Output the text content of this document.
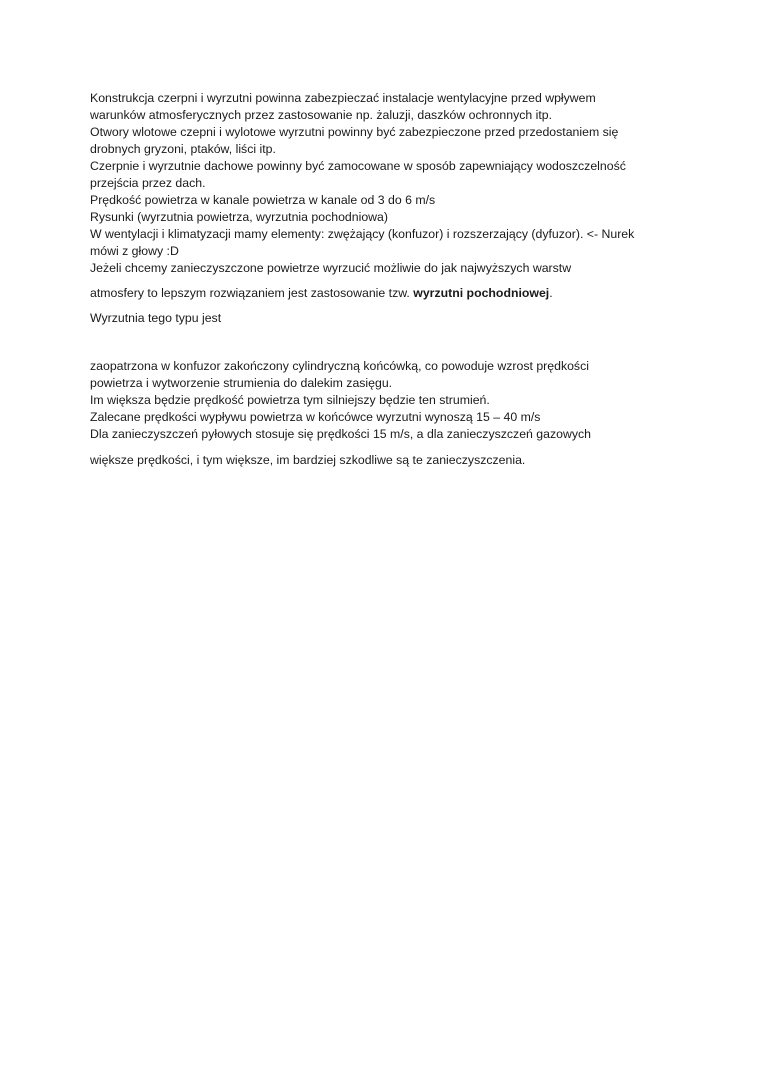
Konstrukcja czerpni i wyrzutni powinna zabezpieczać instalacje wentylacyjne przed wpływem
warunków atmosferycznych przez zastosowanie np. żaluzji, daszków ochronnych itp.
Otwory wlotowe czepni i wylotowe wyrzutni powinny być zabezpieczone przed przedostaniem się
drobnych gryzoni, ptaków, liści itp.
Czerpnie i wyrzutnie dachowe powinny być zamocowane w sposób zapewniający wodoszczelność
przejścia przez dach.
Prędkość powietrza w kanale powietrza w kanale od 3 do 6 m/s
Rysunki (wyrzutnia powietrza, wyrzutnia pochodniowa)
W wentylacji i klimatyzacji mamy elementy: zwężający (konfuzor) i rozszerzający (dyfuzor). <- Nurek
mówi z głowy :D
Jeżeli chcemy zanieczyszczone powietrze wyrzucić możliwie do jak najwyższych warstw
atmosfery to lepszym rozwiązaniem jest zastosowanie tzw. wyrzutni pochodniowej.
Wyrzutnia tego typu jest
zaopatrzona w konfuzor zakończony cylindryczną końcówką, co powoduje wzrost prędkości
powietrza i wytworzenie strumienia do dalekim zasięgu.
Im większa będzie prędkość powietrza tym silniejszy będzie ten strumień.
Zalecane prędkości wypływu powietrza w końcówce wyrzutni wynoszą 15 – 40 m/s
Dla zanieczyszczeń pyłowych stosuje się prędkości 15 m/s, a dla zanieczyszczeń gazowych
większe prędkości, i tym większe, im bardziej szkodliwe są te zanieczyszczenia.
